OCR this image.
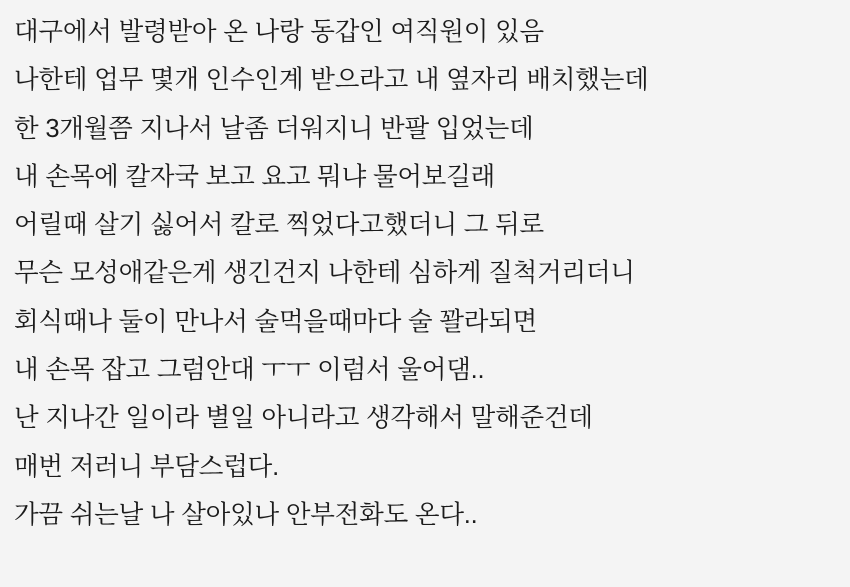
대구에서 발령받아 온 나랑 동갑인 여직원이 있음
나한테 업무 몇개 인수인계 받으라고 내 옆자리 배치했는데
한 3개월쯤 지나서 날좀 더워지니 반팔 입었는데
내 손목에 칼자국 보고 요고 뭐냐 물어보길래
어릴때 살기 싫어서 칼로 찍었다고했더니 그 뒤로
무슨 모성애같은게 생긴건지 나한테 심하게 질척거리더니
회식때나 둘이 만나서 술먹을때마다 술 꽐라되면
내 손목 잡고 그럼안대 ㅜㅜ 이럼서 울어댐..
난 지나간 일이라 별일 아니라고 생각해서 말해준건데
매번 저러니 부담스럽다.
가끔 쉬는날 나 살아있나 안부전화도 온다..
